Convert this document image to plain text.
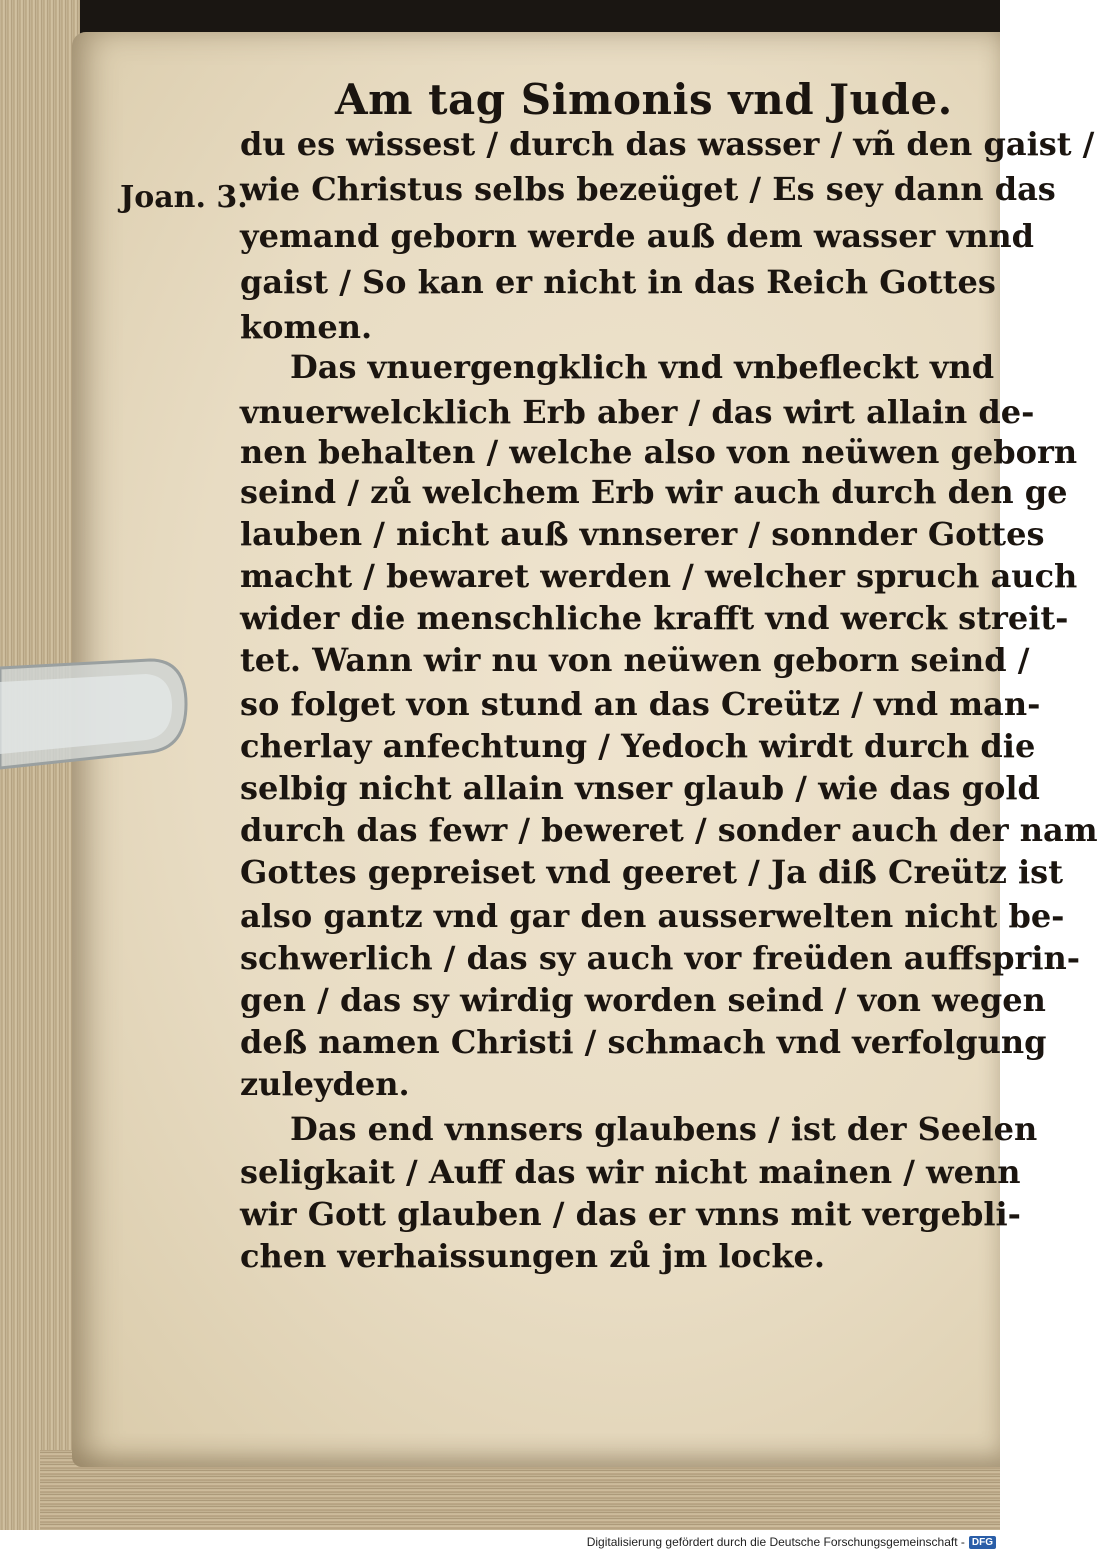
Am tag Simonis vnd Jude.
Joan. 3.
du es wissest / durch das wasser / vñ den gaist /
wie Christus selbs bezeüget / Es sey dann das
yemand geborn werde auß dem wasser vnnd
gaist / So kan er nicht in das Reich Gottes
komen.
Das vnuergengklich vnd vnbefleckt vnd
vnuerwelcklich Erb aber / das wirt allain de-
nen behalten / welche also von neüwen geborn
seind / zů welchem Erb wir auch durch den ge
lauben / nicht auß vnnserer / sonnder Gottes
macht / bewaret werden / welcher spruch auch
wider die menschliche krafft vnd werck streit-
tet. Wann wir nu von neüwen geborn seind /
so folget von stund an das Creütz / vnd man-
cherlay anfechtung / Yedoch wirdt durch die
selbig nicht allain vnser glaub / wie das gold
durch das fewr / beweret / sonder auch der nam
Gottes gepreiset vnd geeret / Ja diß Creütz ist
also gantz vnd gar den ausserwelten nicht be-
schwerlich / das sy auch vor freüden auffsprin-
gen / das sy wirdig worden seind / von wegen
deß namen Christi / schmach vnd verfolgung
zuleyden.
Das end vnnsers glaubens / ist der Seelen
seligkait / Auff das wir nicht mainen / wenn
wir Gott glauben / das er vnns mit vergebli-
chen verhaissungen zů jm locke.
Digitalisierung gefördert durch die Deutsche Forschungsgemeinschaft - DFG
